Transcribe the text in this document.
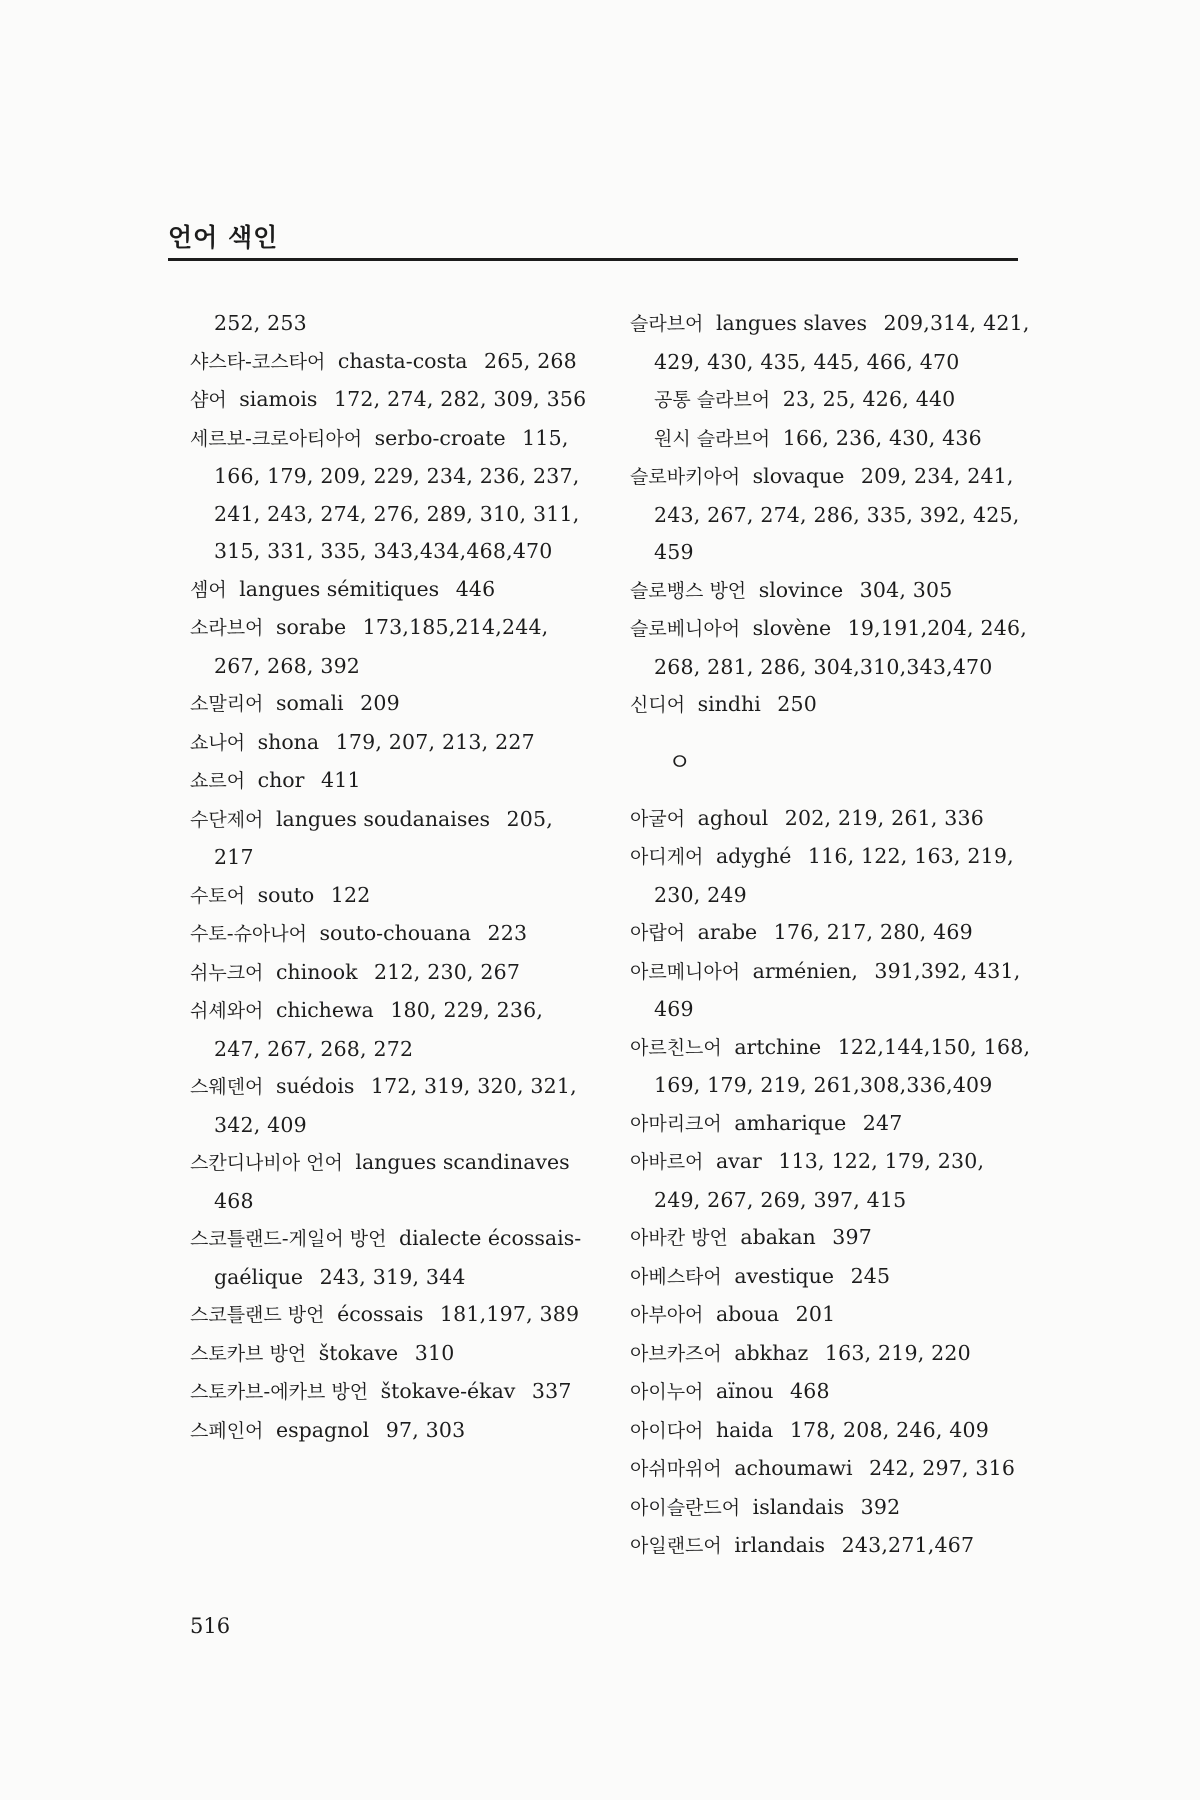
언어 색인
252, 253
샤스타-코스타어 chasta-costa 265, 268
샴어 siamois 172, 274, 282, 309, 356
세르보-크로아티아어 serbo-croate 115, 166, 179, 209, 229, 234, 236, 237, 241, 243, 274, 276, 289, 310, 311, 315, 331, 335, 343,434,468,470
셈어 langues sémitiques 446
소라브어 sorabe 173,185,214,244, 267, 268, 392
소말리어 somali 209
쇼나어 shona 179, 207, 213, 227
쇼르어 chor 411
수단제어 langues soudanaises 205, 217
수토어 souto 122
수토-슈아나어 souto-chouana 223
쉬누크어 chinook 212, 230, 267
쉬셰와어 chichewa 180, 229, 236, 247, 267, 268, 272
스웨덴어 suédois 172, 319, 320, 321, 342, 409
스칸디나비아 언어 langues scandinaves 468
스코틀랜드-게일어 방언 dialecte écossais-gaélique 243, 319, 344
스코틀랜드 방언 écossais 181,197, 389
스토카브 방언 štokave 310
스토카브-에카브 방언 štokave-ékav 337
스페인어 espagnol 97, 303
슬라브어 langues slaves 209,314, 421, 429, 430, 435, 445, 466, 470
공통 슬라브어 23, 25, 426, 440
원시 슬라브어 166, 236, 430, 436
슬로바키아어 slovaque 209, 234, 241, 243, 267, 274, 286, 335, 392, 425, 459
슬로뱅스 방언 slovince 304, 305
슬로베니아어 slovène 19,191,204, 246, 268, 281, 286, 304,310,343,470
신디어 sindhi 250
ㅇ
아굴어 aghoul 202, 219, 261, 336
아디게어 adyghé 116, 122, 163, 219, 230, 249
아랍어 arabe 176, 217, 280, 469
아르메니아어 arménien, 391,392, 431, 469
아르친느어 artchine 122,144,150, 168, 169, 179, 219, 261,308,336,409
아마리크어 amharique 247
아바르어 avar 113, 122, 179, 230, 249, 267, 269, 397, 415
아바칸 방언 abakan 397
아베스타어 avestique 245
아부아어 aboua 201
아브카즈어 abkhaz 163, 219, 220
아이누어 aïnou 468
아이다어 haida 178, 208, 246, 409
아쉬마위어 achoumawi 242, 297, 316
아이슬란드어 islandais 392
아일랜드어 irlandais 243,271,467
516
